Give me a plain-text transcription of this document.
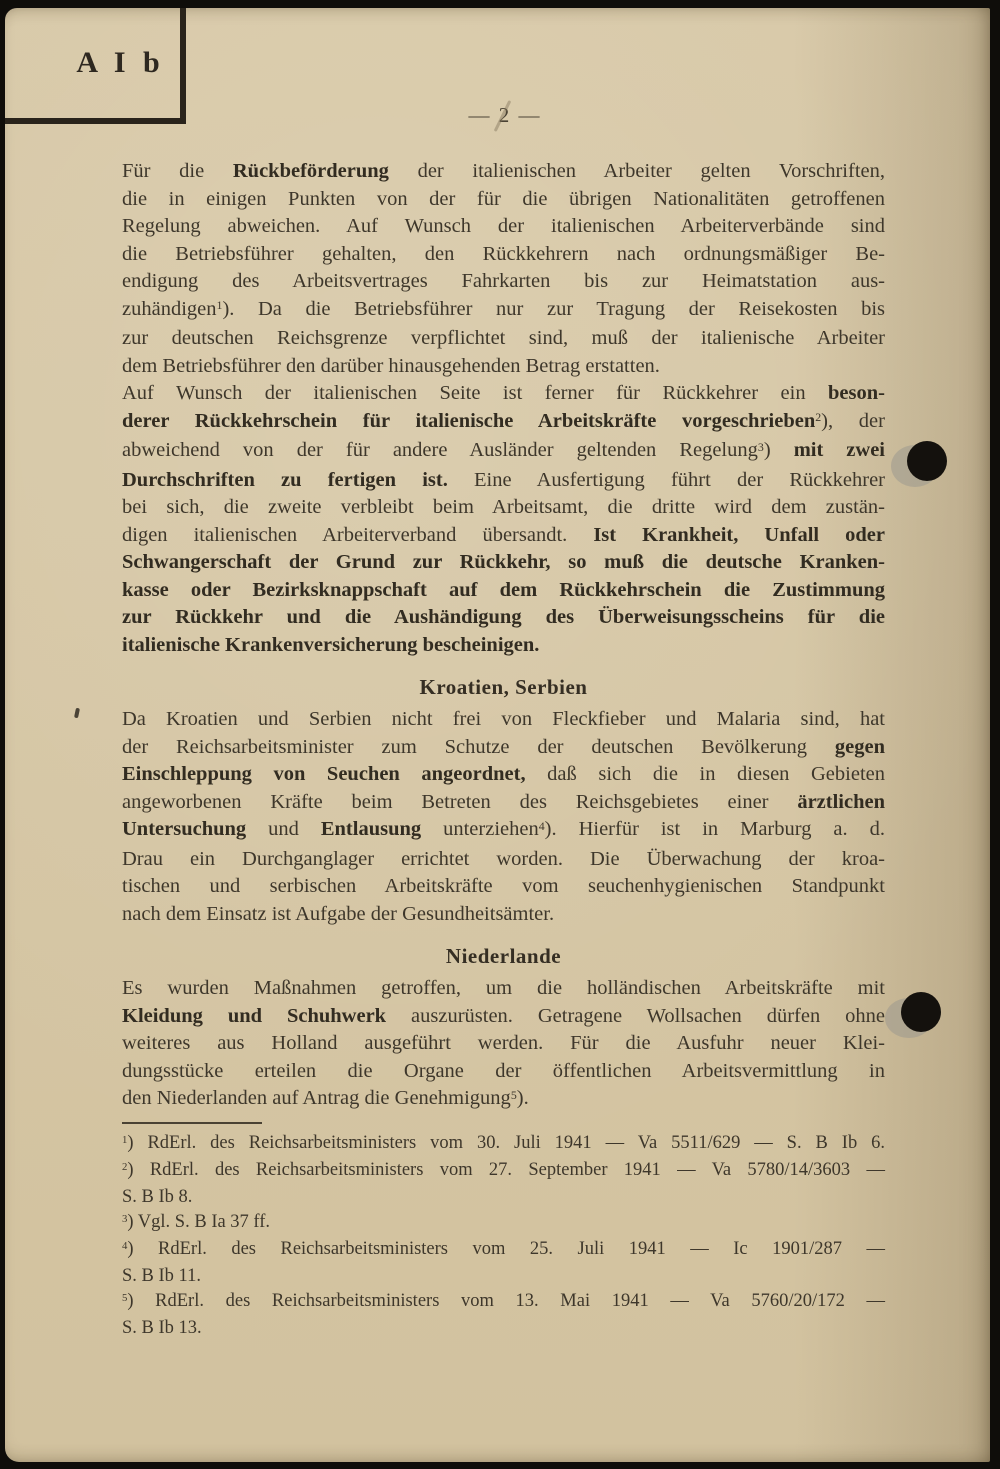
A I b
— 2 —
Für die Rückbeförderung der italienischen Arbeiter gelten Vorschriften,
die in einigen Punkten von der für die übrigen Nationalitäten getroffenen
Regelung abweichen. Auf Wunsch der italienischen Arbeiterverbände sind
die Betriebsführer gehalten, den Rückkehrern nach ordnungsmäßiger Be-
endigung des Arbeitsvertrages Fahrkarten bis zur Heimatstation aus-
zuhändigen$^1$). Da die Betriebsführer nur zur Tragung der Reisekosten bis
zur deutschen Reichsgrenze verpflichtet sind, muß der italienische Arbeiter
dem Betriebsführer den darüber hinausgehenden Betrag erstatten.
Auf Wunsch der italienischen Seite ist ferner für Rückkehrer ein beson-
derer Rückkehrschein für italienische Arbeitskräfte vorgeschrieben$^2$), der
abweichend von der für andere Ausländer geltenden Regelung$^3$) mit zwei
Durchschriften zu fertigen ist. Eine Ausfertigung führt der Rückkehrer
bei sich, die zweite verbleibt beim Arbeitsamt, die dritte wird dem zustän-
digen italienischen Arbeiterverband übersandt. Ist Krankheit, Unfall oder
Schwangerschaft der Grund zur Rückkehr, so muß die deutsche Kranken-
kasse oder Bezirksknappschaft auf dem Rückkehrschein die Zustimmung
zur Rückkehr und die Aushändigung des Überweisungsscheins für die
italienische Krankenversicherung bescheinigen.
Kroatien, Serbien
Da Kroatien und Serbien nicht frei von Fleckfieber und Malaria sind, hat
der Reichsarbeitsminister zum Schutze der deutschen Bevölkerung gegen
Einschleppung von Seuchen angeordnet, daß sich die in diesen Gebieten
angeworbenen Kräfte beim Betreten des Reichsgebietes einer ärztlichen
Untersuchung und Entlausung unterziehen$^4$). Hierfür ist in Marburg a. d.
Drau ein Durchganglager errichtet worden. Die Überwachung der kroa-
tischen und serbischen Arbeitskräfte vom seuchenhygienischen Standpunkt
nach dem Einsatz ist Aufgabe der Gesundheitsämter.
Niederlande
Es wurden Maßnahmen getroffen, um die holländischen Arbeitskräfte mit
Kleidung und Schuhwerk auszurüsten. Getragene Wollsachen dürfen ohne
weiteres aus Holland ausgeführt werden. Für die Ausfuhr neuer Klei-
dungsstücke erteilen die Organe der öffentlichen Arbeitsvermittlung in
den Niederlanden auf Antrag die Genehmigung$^5$).
$^1$) RdErl. des Reichsarbeitsministers vom 30. Juli 1941 — Va 5511/629 — S. B Ib 6.
$^2$) RdErl. des Reichsarbeitsministers vom 27. September 1941 — Va 5780/14/3603 —
S. B Ib 8.
$^3$) Vgl. S. B Ia 37 ff.
$^4$) RdErl. des Reichsarbeitsministers vom 25. Juli 1941 — Ic 1901/287 —
S. B Ib 11.
$^5$) RdErl. des Reichsarbeitsministers vom 13. Mai 1941 — Va 5760/20/172 —
S. B Ib 13.
